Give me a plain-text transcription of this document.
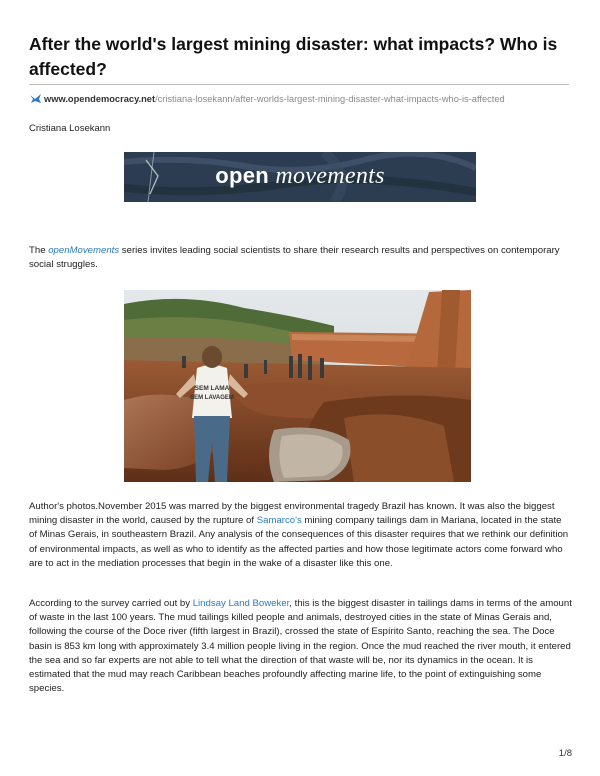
After the world's largest mining disaster: what impacts? Who is affected?
www.opendemocracy.net/cristiana-losekann/after-worlds-largest-mining-disaster-what-impacts-who-is-affected
Cristiana Losekann
open movements

The openMovements series invites leading social scientists to share their research results and perspectives on contemporary social struggles.

SEM LAMA
SEM LAVAGEM

Author's photos.November 2015 was marred by the biggest environmental tragedy Brazil has known. It was also the biggest mining disaster in the world, caused by the rupture of Samarco's mining company tailings dam in Mariana, located in the state of Minas Gerais, in southeastern Brazil. Any analysis of the consequences of this disaster requires that we rethink our definition of environmental impacts, as well as who to identify as the affected parties and how those legitimate actors come forward who are to act in the mediation processes that begin in the wake of a disaster like this one.

According to the survey carried out by Lindsay Land Boweker, this is the biggest disaster in tailings dams in terms of the amount of waste in the last 100 years. The mud tailings killed people and animals, destroyed cities in the state of Minas Gerais and, following the course of the Doce river (fifth largest in Brazil), crossed the state of Espírito Santo, reaching the sea. The Doce basin is 853 km long with approximately 3.4 million people living in the region. Once the mud reached the river mouth, it entered the sea and so far experts are not able to tell what the direction of that waste will be, nor its dynamics in the ocean. It is estimated that the mud may reach Caribbean beaches profoundly affecting marine life, to the point of extinguishing some species.

1/8
